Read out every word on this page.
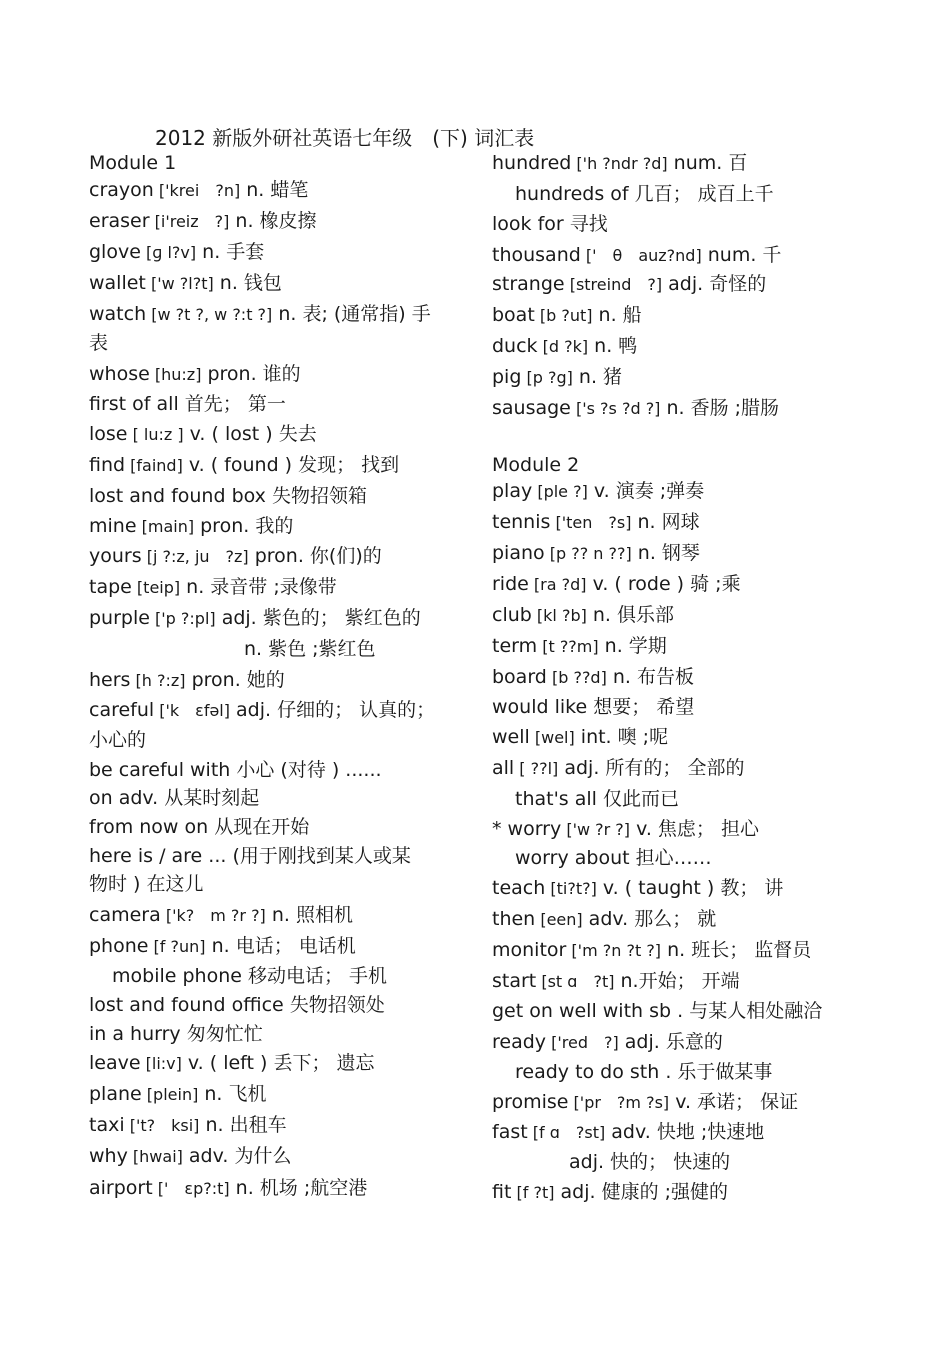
2012 新版外研社英语七年级　(下) 词汇表
Module 1
crayon ['krei　?n] n. 蜡笔
eraser [i'reiz　?] n. 橡皮擦
glove [ɡ l?v] n. 手套
wallet ['w ?l?t] n. 钱包
watch [w ?t ?, w ?:t ?] n. 表; (通常指) 手
表
whose [hu:z] pron. 谁的
first of all 首先； 第一
lose [ lu:z ] v. ( lost ) 失去
find [faind] v. ( found ) 发现； 找到
lost and found box 失物招领箱
mine [main] pron. 我的
yours [j ?:z, ju　?z] pron. 你(们)的
tape [teip] n. 录音带 ;录像带
purple ['p ?:pl] adj. 紫色的； 紫红色的
n. 紫色 ;紫红色
hers [h ?:z] pron. 她的
careful ['k　ɛfəl] adj. 仔细的； 认真的；
小心的
be careful with 小心 (对待 ) ......
on adv. 从某时刻起
from now on 从现在开始
here is / are ... (用于刚找到某人或某
物时 ) 在这儿
camera ['k?　m ?r ?] n. 照相机
phone [f ?un] n. 电话； 电话机
mobile phone 移动电话； 手机
lost and found office 失物招领处
in a hurry 匆匆忙忙
leave [li:v] v. ( left ) 丢下； 遗忘
plane [plein] n. 飞机
taxi ['t?　ksi] n. 出租车
why [hwai] adv. 为什么
airport ['　ɛp?:t] n. 机场 ;航空港
hundred ['h ?ndr ?d] num. 百
hundreds of 几百； 成百上千
look for 寻找
thousand ['　θ　auz?nd] num. 千
strange [streind　?] adj. 奇怪的
boat [b ?ut] n. 船
duck [d ?k] n. 鸭
pig [p ?g] n. 猪
sausage ['s ?s ?d ?] n. 香肠 ;腊肠
Module 2
play [ple ?] v. 演奏 ;弹奏
tennis ['ten　?s] n. 网球
piano [p ?? n ??] n. 钢琴
ride [ra ?d] v. ( rode ) 骑 ;乘
club [kl ?b] n. 俱乐部
term [t ??m] n. 学期
board [b ??d] n. 布告板
would like 想要； 希望
well [wel] int. 噢 ;呢
all [ ??l] adj. 所有的； 全部的
that's all 仅此而已
* worry ['w ?r ?] v. 焦虑； 担心
worry about 担心……
teach [ti?t?] v. ( taught ) 教； 讲
then [een] adv. 那么； 就
monitor ['m ?n ?t ?] n. 班长； 监督员
start [st ɑ　?t] n.开始； 开端
get on well with sb . 与某人相处融洽
ready ['red　?] adj. 乐意的
ready to do sth . 乐于做某事
promise ['pr　?m ?s] v. 承诺； 保证
fast [f ɑ　?st] adv. 快地 ;快速地
adj. 快的； 快速的
fit [f ?t] adj. 健康的 ;强健的
